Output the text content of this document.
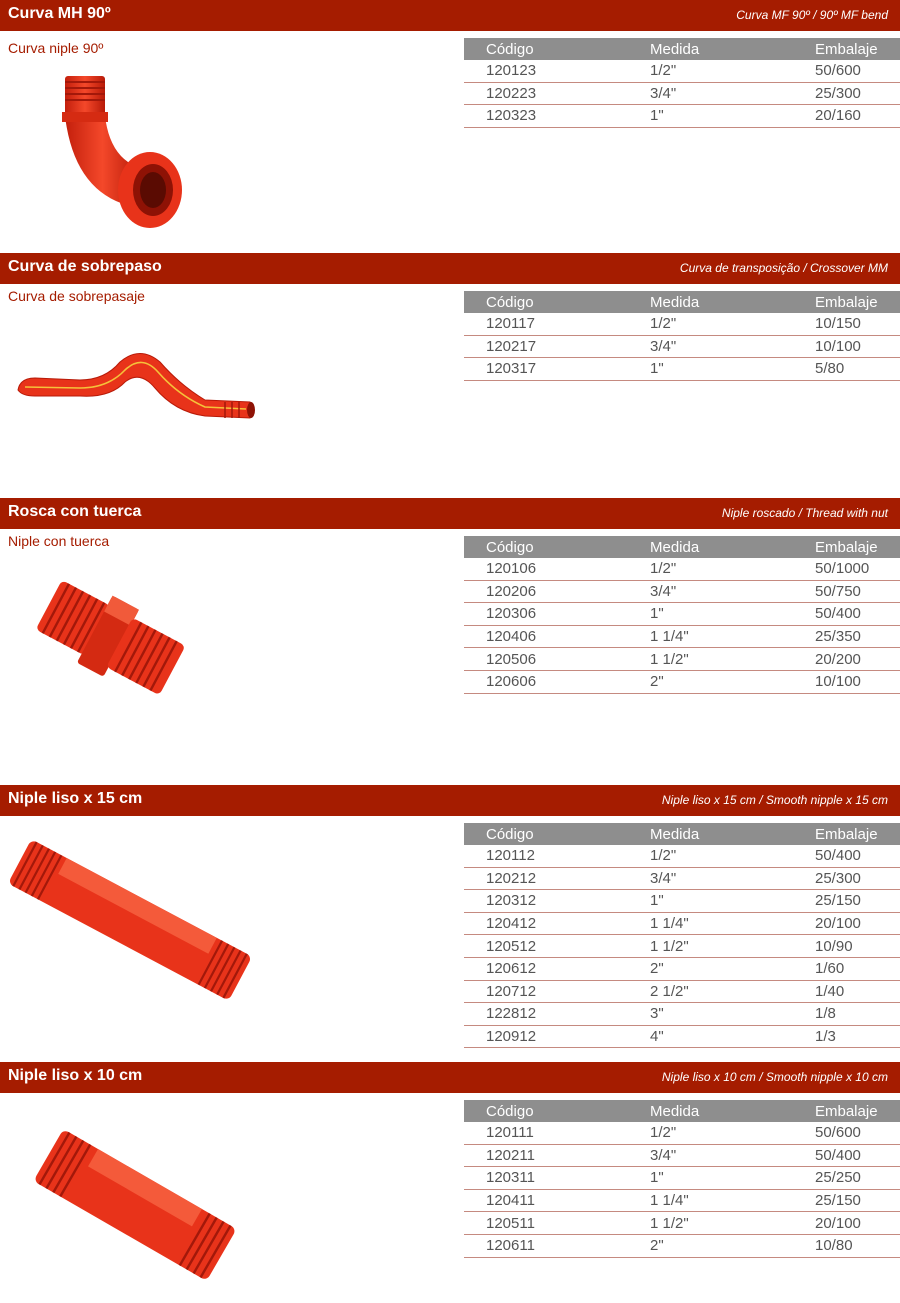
Curva MH 90º	Curva MF 90º / 90º MF bend
Curva niple 90º	Código	Medida	Embalaje
120123	1/2"	50/600
120223	3/4"	25/300
120323	1"	20/160
Curva de sobrepaso	Curva de transposição / Crossover MM
Curva de sobrepasaje	Código	Medida	Embalaje
120117	1/2"	10/150
120217	3/4"	10/100
120317	1"	5/80
Rosca con tuerca	Niple roscado / Thread with nut
Niple con tuerca	Código	Medida	Embalaje
120106	1/2"	50/1000
120206	3/4"	50/750
120306	1"	50/400
120406	1 1/4"	25/350
120506	1 1/2"	20/200
120606	2"	10/100
Niple liso x 15 cm	Niple liso x 15 cm / Smooth nipple x 15 cm
Código	Medida	Embalaje
120112	1/2"	50/400
120212	3/4"	25/300
120312	1"	25/150
120412	1 1/4"	20/100
120512	1 1/2"	10/90
120612	2"	1/60
120712	2 1/2"	1/40
122812	3"	1/8
120912	4"	1/3
Niple liso x 10 cm	Niple liso x 10 cm / Smooth nipple x 10 cm
Código	Medida	Embalaje
120111	1/2"	50/600
120211	3/4"	50/400
120311	1"	25/250
120411	1 1/4"	25/150
120511	1 1/2"	20/100
120611	2"	10/80
